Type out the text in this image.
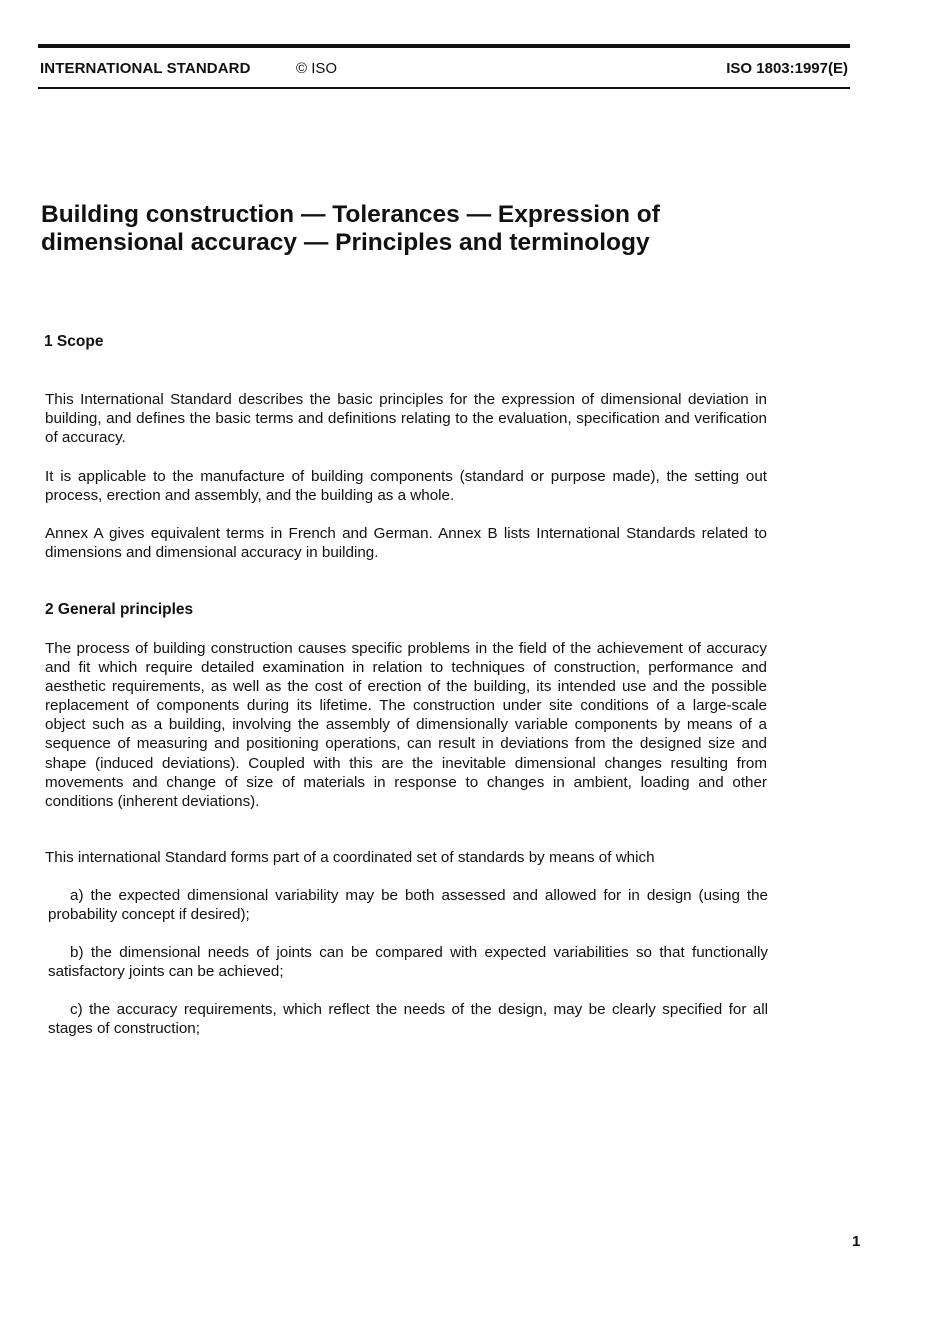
INTERNATIONAL STANDARD	© ISO	ISO 1803:1997(E)
Building construction — Tolerances — Expression of
dimensional accuracy — Principles and terminology
1 Scope

This International Standard describes the basic principles for the expression of dimensional deviation in building, and defines the basic terms and definitions relating to the evaluation, specification and verification of accuracy.

It is applicable to the manufacture of building components (standard or purpose made), the setting out process, erection and assembly, and the building as a whole.

Annex A gives equivalent terms in French and German. Annex B lists International Standards related to dimensions and dimensional accuracy in building.

2 General principles

The process of building construction causes specific problems in the field of the achievement of accuracy and fit which require detailed examination in relation to techniques of construction, performance and aesthetic requirements, as well as the cost of erection of the building, its intended use and the possible replacement of components during its lifetime. The construction under site conditions of a large-scale object such as a building, involving the assembly of dimensionally variable components by means of a sequence of measuring and positioning operations, can result in deviations from the designed size and shape (induced deviations). Coupled with this are the inevitable dimensional changes resulting from movements and change of size of materials in response to changes in ambient, loading and other conditions (inherent deviations).

This international Standard forms part of a coordinated set of standards by means of which

a) the expected dimensional variability may be both assessed and allowed for in design (using the probability concept if desired);

b) the dimensional needs of joints can be compared with expected variabilities so that functionally satisfactory joints can be achieved;

c) the accuracy requirements, which reflect the needs of the design, may be clearly specified for all stages of construction;

1
